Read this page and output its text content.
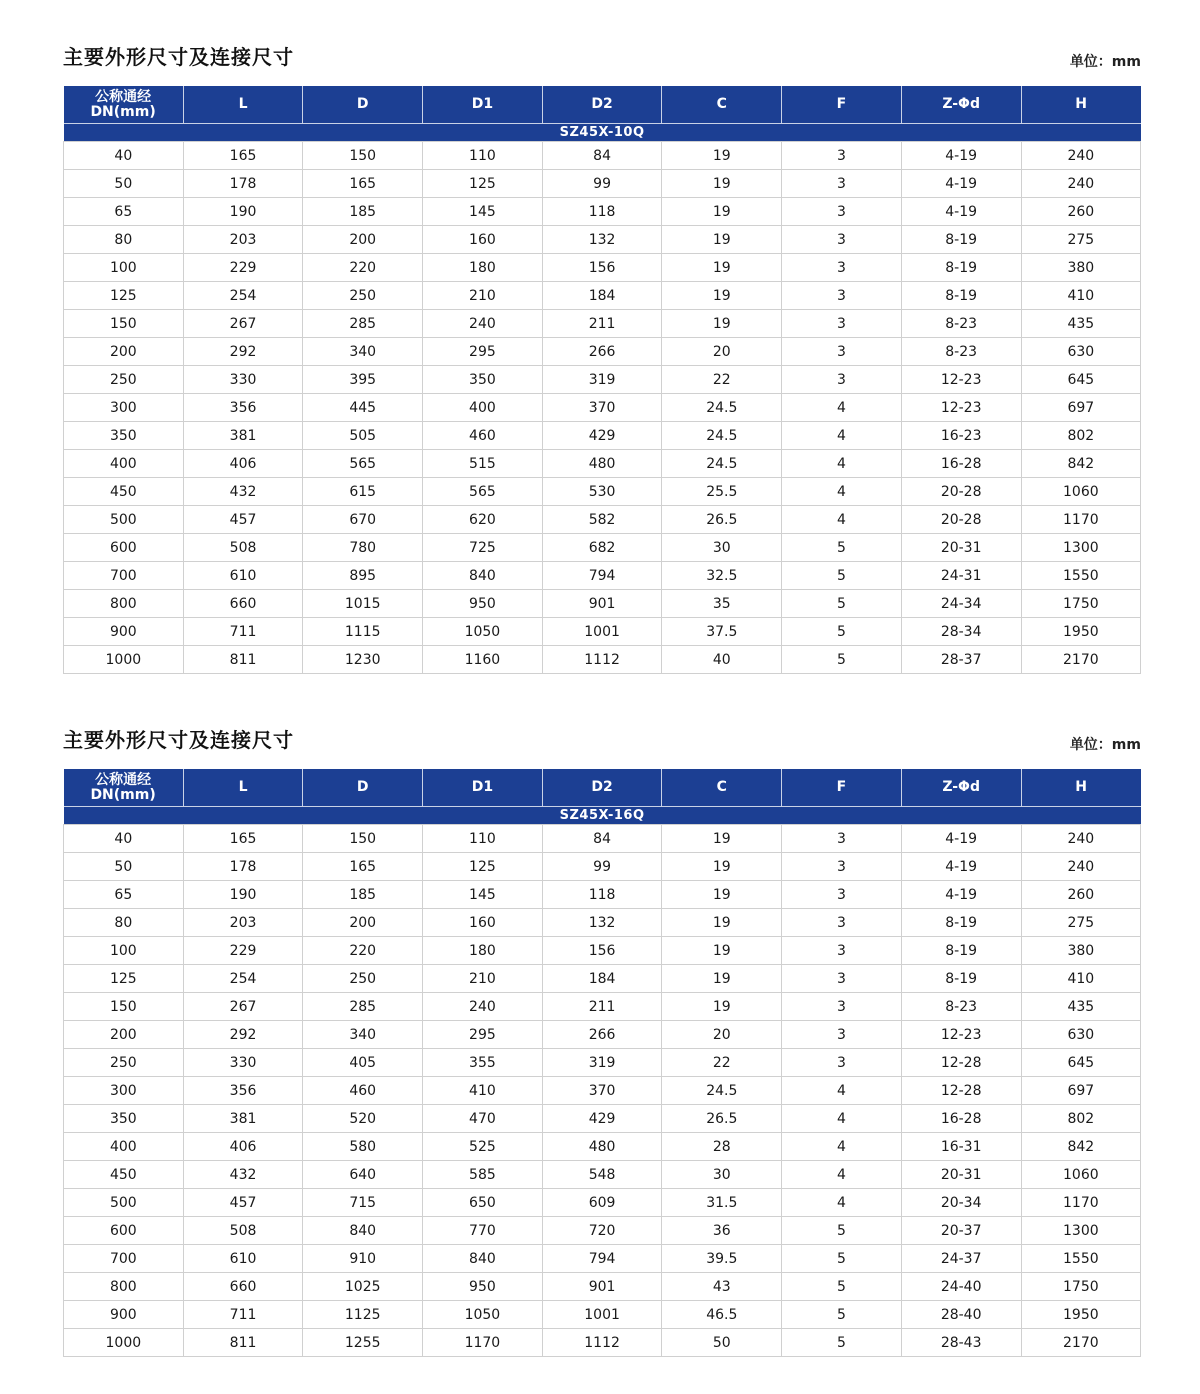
主要外形尺寸及连接尺寸	单位：mm
公称通经
DN(mm)	L	D	D1	D2	C	F	Z-Φd	H
SZ45X-10Q								
40	165	150	110	84	19	3	4-19	240
50	178	165	125	99	19	3	4-19	240
65	190	185	145	118	19	3	4-19	260
80	203	200	160	132	19	3	8-19	275
100	229	220	180	156	19	3	8-19	380
125	254	250	210	184	19	3	8-19	410
150	267	285	240	211	19	3	8-23	435
200	292	340	295	266	20	3	8-23	630
250	330	395	350	319	22	3	12-23	645
300	356	445	400	370	24.5	4	12-23	697
350	381	505	460	429	24.5	4	16-23	802
400	406	565	515	480	24.5	4	16-28	842
450	432	615	565	530	25.5	4	20-28	1060
500	457	670	620	582	26.5	4	20-28	1170
600	508	780	725	682	30	5	20-31	1300
700	610	895	840	794	32.5	5	24-31	1550
800	660	1015	950	901	35	5	24-34	1750
900	711	1115	1050	1001	37.5	5	28-34	1950
1000	811	1230	1160	1112	40	5	28-37	2170
主要外形尺寸及连接尺寸	单位：mm
公称通经
DN(mm)	L	D	D1	D2	C	F	Z-Φd	H
SZ45X-16Q								
40	165	150	110	84	19	3	4-19	240
50	178	165	125	99	19	3	4-19	240
65	190	185	145	118	19	3	4-19	260
80	203	200	160	132	19	3	8-19	275
100	229	220	180	156	19	3	8-19	380
125	254	250	210	184	19	3	8-19	410
150	267	285	240	211	19	3	8-23	435
200	292	340	295	266	20	3	12-23	630
250	330	405	355	319	22	3	12-28	645
300	356	460	410	370	24.5	4	12-28	697
350	381	520	470	429	26.5	4	16-28	802
400	406	580	525	480	28	4	16-31	842
450	432	640	585	548	30	4	20-31	1060
500	457	715	650	609	31.5	4	20-34	1170
600	508	840	770	720	36	5	20-37	1300
700	610	910	840	794	39.5	5	24-37	1550
800	660	1025	950	901	43	5	24-40	1750
900	711	1125	1050	1001	46.5	5	28-40	1950
1000	811	1255	1170	1112	50	5	28-43	2170
